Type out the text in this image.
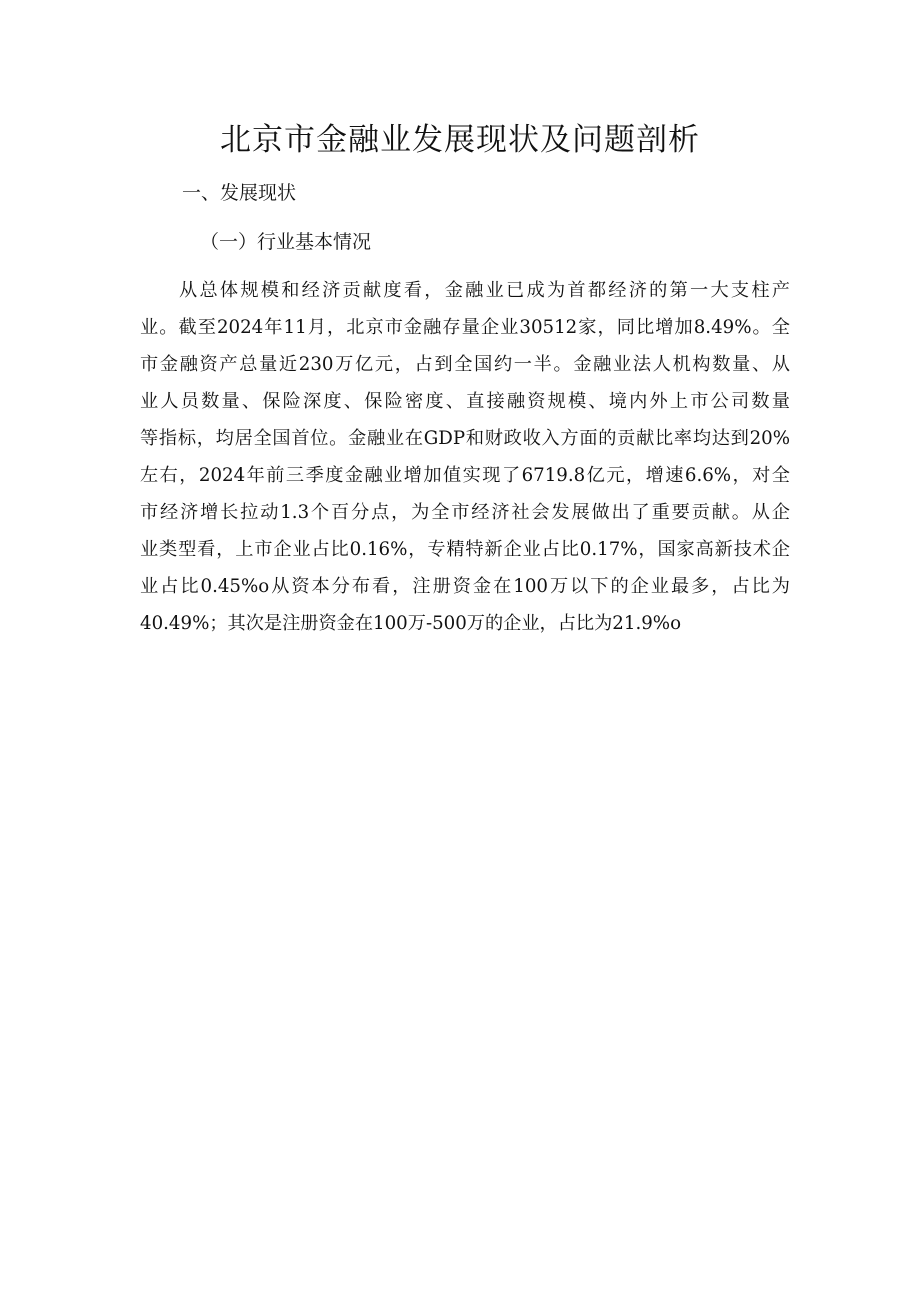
北京市金融业发展现状及问题剖析

一、发展现状

（一）行业基本情况

从总体规模和经济贡献度看，金融业已成为首都经济的第一大支柱产
业。截至2024年11月，北京市金融存量企业30512家，同比增加8.49%。全
市金融资产总量近230万亿元，占到全国约一半。金融业法人机构数量、从
业人员数量、保险深度、保险密度、直接融资规模、境内外上市公司数量
等指标，均居全国首位。金融业在GDP和财政收入方面的贡献比率均达到20%
左右，2024年前三季度金融业增加值实现了6719.8亿元，增速6.6%，对全
市经济增长拉动1.3个百分点，为全市经济社会发展做出了重要贡献。从企
业类型看，上市企业占比0.16%，专精特新企业占比0.17%，国家高新技术企
业占比0.45%o从资本分布看，注册资金在100万以下的企业最多，占比为
40.49%；其次是注册资金在100万-500万的企业，占比为21.9%o
